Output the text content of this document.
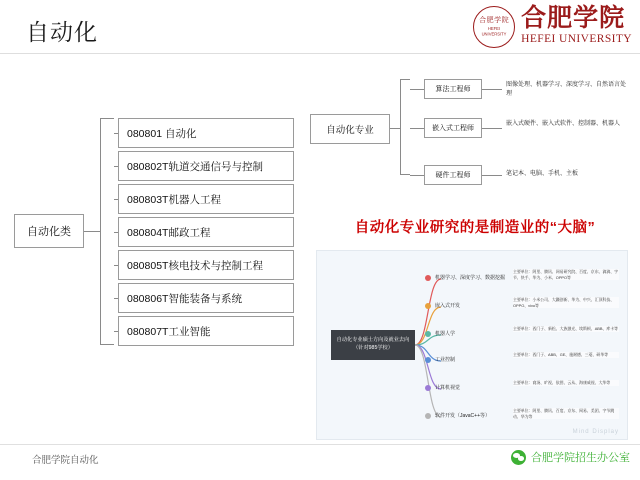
自动化	合肥学院
HEFEI UNIVERSITY
合肥学院
HEFEI UNIVERSITY
自动化类
080801 自动化
080802T轨道交通信号与控制
080803T机器人工程
080804T邮政工程
080805T核电技术与控制工程
080806T智能装备与系统
080807T工业智能
自动化专业
算法工程师
嵌入式工程师
硬件工程师
图像处理、机器学习、深度学习、自然语言处理
嵌入式硬件、嵌入式软件、控制器、机器人
笔记本、电脑、手机、主板
自动化专业研究的是制造业的“大脑”
自动化专业硕士方向及就业去向（针对985学校）
机器学习、深度学习、数据挖掘
主要单位：阿里、腾讯、网易研究院、百度、京东、滴滴、字节、快手、华为、小米、OPPO等
嵌入式开发
主要单位：小米公司、大疆创新、华为、中兴、汇顶科技、OPPO、vivo等
机器人学
主要单位：西门子、新松、大族激光、埃斯顿、ABB、库卡等
工业控制
主要单位：西门子、ABB、GE、施耐德、三菱、研华等
计算机视觉
主要单位：商汤、旷视、依图、云从、海康威视、大华等
软件开发（JavaC++等）
主要单位：阿里、腾讯、百度、京东、网易、美团、字节跳动、华为等
Mind Display
合肥学院自动化	合肥学院招生办公室
